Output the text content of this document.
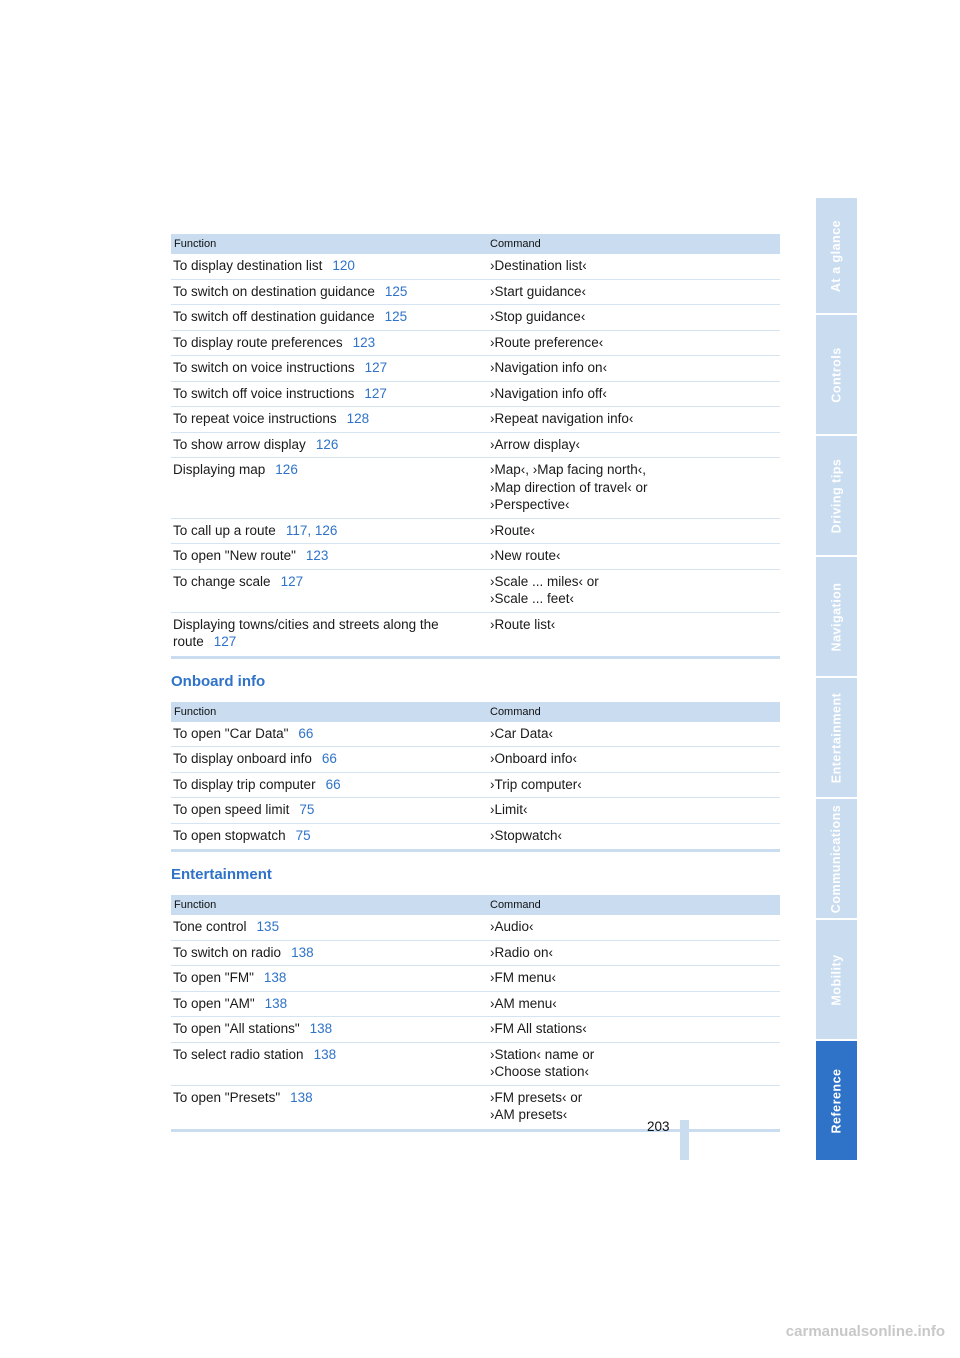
Function	Command
To display destination list 120	›Destination list‹

To switch on destination guidance 125	›Start guidance‹

To switch off destination guidance 125	›Stop guidance‹

To display route preferences 123	›Route preference‹

To switch on voice instructions 127	›Navigation info on‹

To switch off voice instructions 127	›Navigation info off‹

To repeat voice instructions 128	›Repeat navigation info‹

To show arrow display 126	›Arrow display‹

Displaying map 126	›Map‹, ›Map facing north‹,
›Map direction of travel‹ or
›Perspective‹

To call up a route 117, 126	›Route‹

To open "New route" 123	›New route‹

To change scale 127	›Scale ... miles‹ or
›Scale ... feet‹

Displaying towns/cities and streets along the route 127	›Route list‹
Onboard info
Function	Command
To open "Car Data" 66	›Car Data‹

To display onboard info 66	›Onboard info‹

To display trip computer 66	›Trip computer‹

To open speed limit 75	›Limit‹

To open stopwatch 75	›Stopwatch‹
Entertainment
Function	Command
Tone control 135	›Audio‹

To switch on radio 138	›Radio on‹

To open "FM" 138	›FM menu‹

To open "AM" 138	›AM menu‹

To open "All stations" 138	›FM All stations‹

To select radio station 138	›Station‹ name or
›Choose station‹

To open "Presets" 138	›FM presets‹ or
›AM presets‹
At a glance
Controls
Driving tips
Navigation
Entertainment
Communications
Mobility
Reference
203
carmanualsonline.info
